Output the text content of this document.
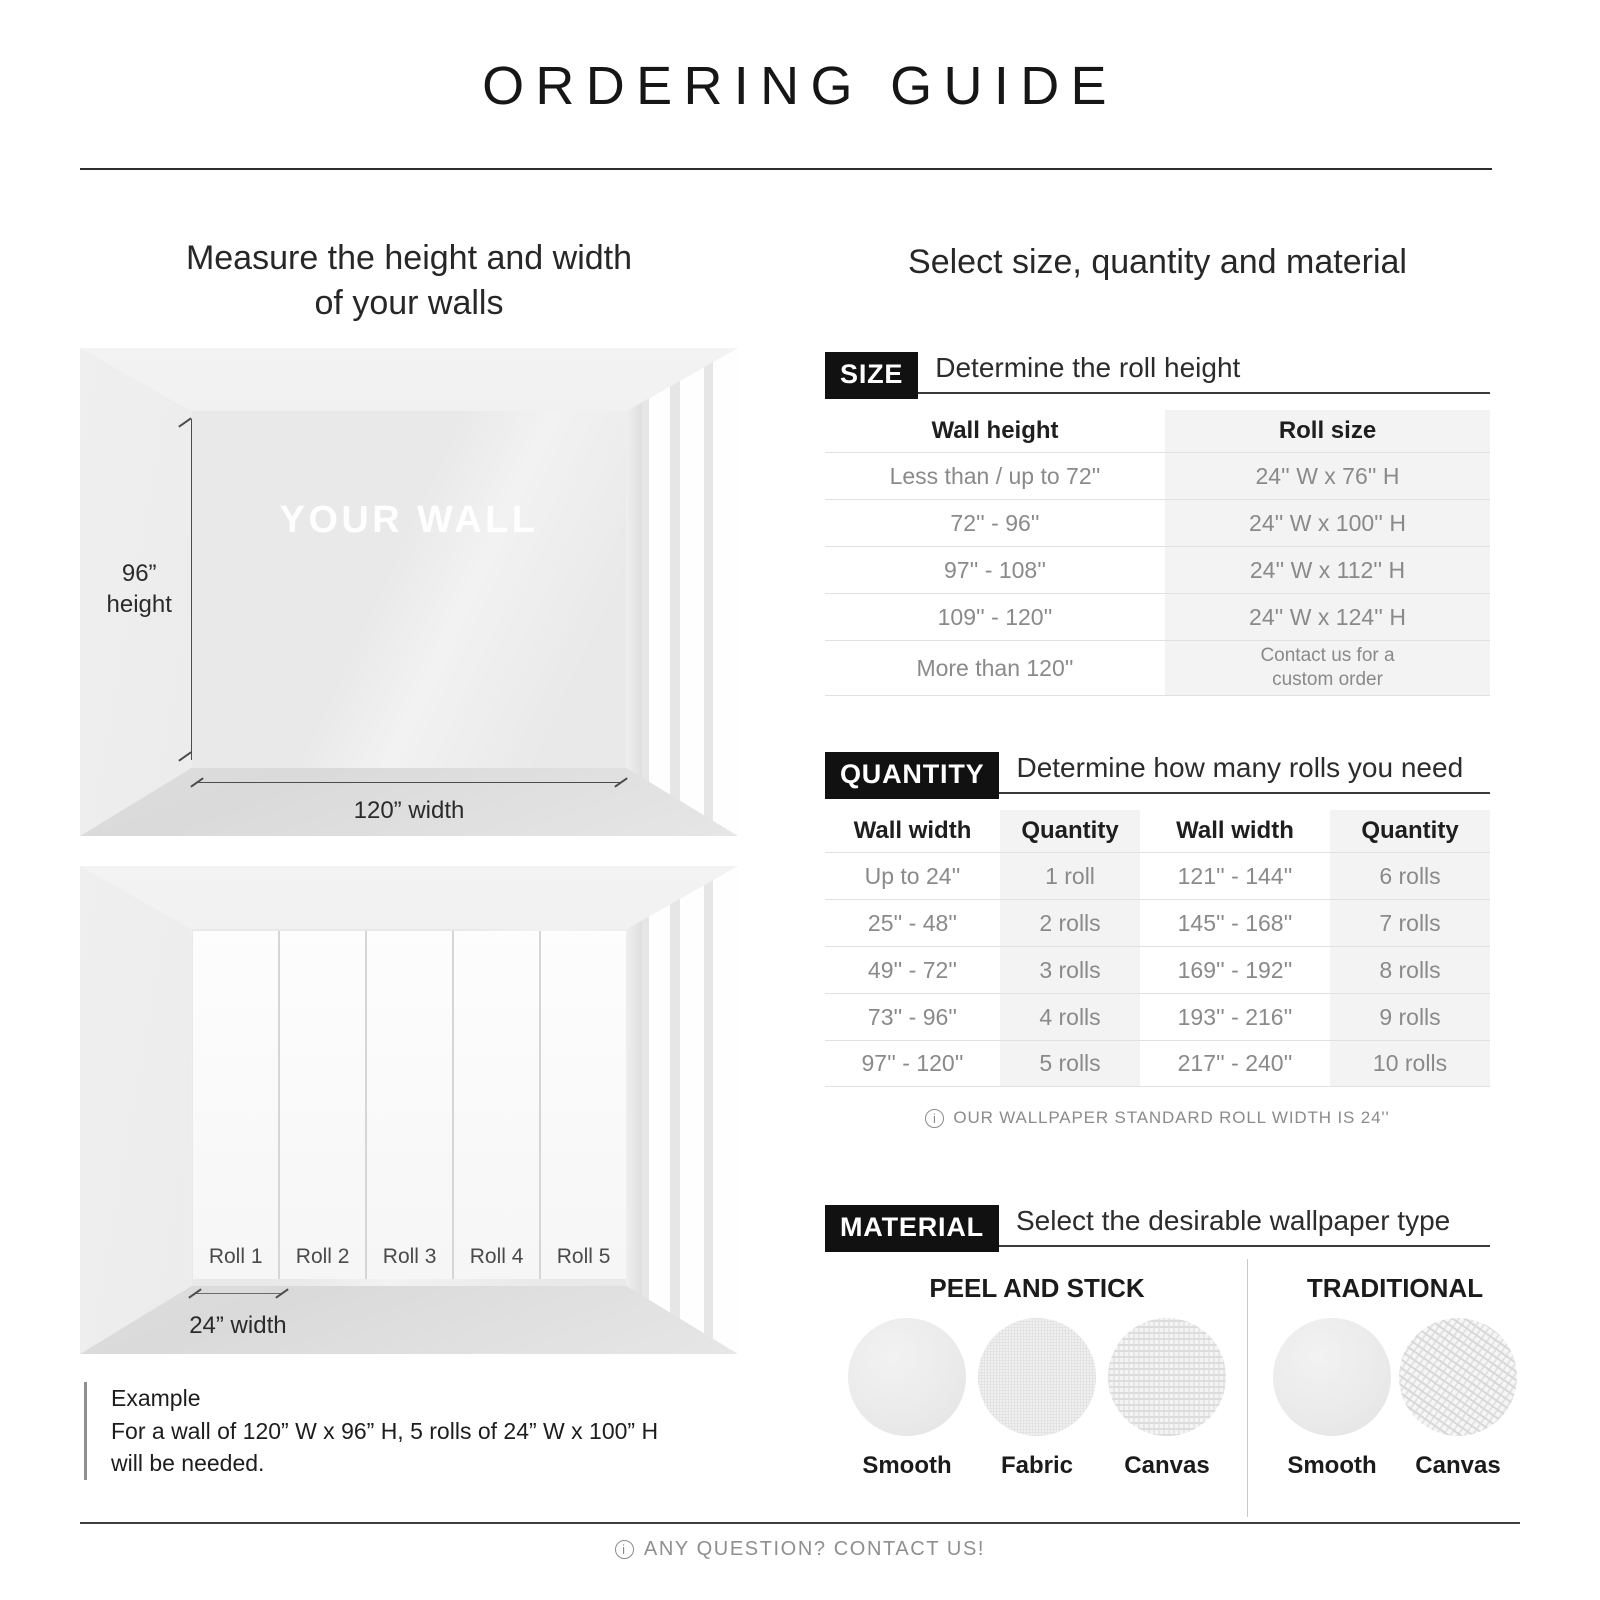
ORDERING GUIDE
Measure the height and width
of your walls
Select size, quantity and material
YOUR WALL
96”
height
120” width
Roll 1	Roll 2	Roll 3	Roll 4	Roll 5
24” width
Example
For a wall of 120” W x 96” H, 5 rolls of 24” W x 100” H
will be needed.
SIZE	Determine the roll height
Wall height	Roll size
Less than / up to 72''	24'' W x 76'' H
72'' - 96''	24'' W x 100'' H
97'' - 108''	24'' W x 112'' H
109'' - 120''	24'' W x 124'' H
More than 120''	Contact us for a custom order
QUANTITY	Determine how many rolls you need
Wall width	Quantity	Wall width	Quantity
Up to 24''	1 roll	121'' - 144''	6 rolls
25'' - 48''	2 rolls	145'' - 168''	7 rolls
49'' - 72''	3 rolls	169'' - 192''	8 rolls
73'' - 96''	4 rolls	193'' - 216''	9 rolls
97'' - 120''	5 rolls	217'' - 240''	10 rolls
i OUR WALLPAPER STANDARD ROLL WIDTH IS 24''
MATERIAL	Select the desirable wallpaper type
PEEL AND STICK
Smooth	Fabric	Canvas
TRADITIONAL
Smooth	Canvas
i ANY QUESTION? CONTACT US!
